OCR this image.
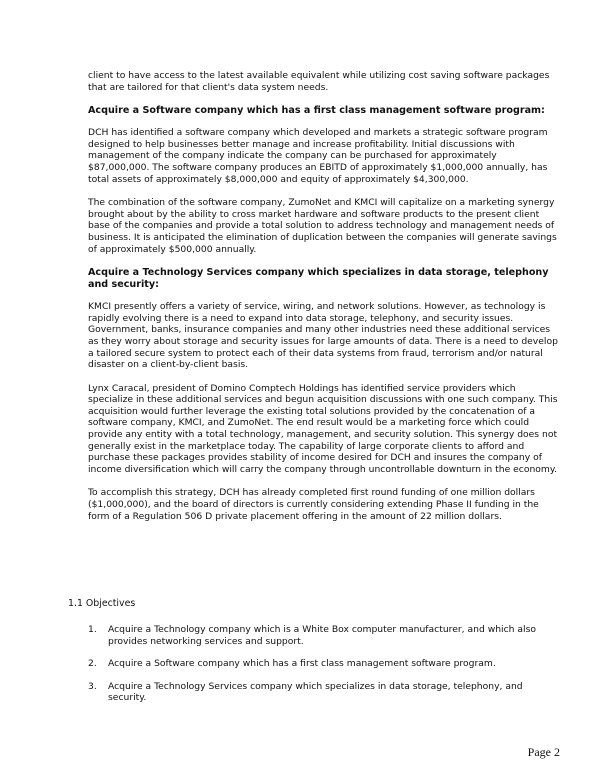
client to have access to the latest available equivalent while utilizing cost saving software packages that are tailored for that client's data system needs.

Acquire a Software company which has a first class management software program:

DCH has identified a software company which developed and markets a strategic software program designed to help businesses better manage and increase profitability. Initial discussions with management of the company indicate the company can be purchased for approximately $87,000,000. The software company produces an EBITD of approximately $1,000,000 annually, has total assets of approximately $8,000,000 and equity of approximately $4,300,000.

The combination of the software company, ZumoNet and KMCI will capitalize on a marketing synergy brought about by the ability to cross market hardware and software products to the present client base of the companies and provide a total solution to address technology and management needs of business. It is anticipated the elimination of duplication between the companies will generate savings of approximately $500,000 annually.

Acquire a Technology Services company which specializes in data storage, telephony and security:

KMCI presently offers a variety of service, wiring, and network solutions. However, as technology is rapidly evolving there is a need to expand into data storage, telephony, and security issues. Government, banks, insurance companies and many other industries need these additional services as they worry about storage and security issues for large amounts of data. There is a need to develop a tailored secure system to protect each of their data systems from fraud, terrorism and/or natural disaster on a client-by-client basis.

Lynx Caracal, president of Domino Comptech Holdings has identified service providers which specialize in these additional services and begun acquisition discussions with one such company. This acquisition would further leverage the existing total solutions provided by the concatenation of a software company, KMCI, and ZumoNet. The end result would be a marketing force which could provide any entity with a total technology, management, and security solution. This synergy does not generally exist in the marketplace today. The capability of large corporate clients to afford and purchase these packages provides stability of income desired for DCH and insures the company of income diversification which will carry the company through uncontrollable downturn in the economy.

To accomplish this strategy, DCH has already completed first round funding of one million dollars ($1,000,000), and the board of directors is currently considering extending Phase II funding in the form of a Regulation 506 D private placement offering in the amount of 22 million dollars.

1.1 Objectives
1. Acquire a Technology company which is a White Box computer manufacturer, and which also provides networking services and support.
2. Acquire a Software company which has a first class management software program.
3. Acquire a Technology Services company which specializes in data storage, telephony, and security.
Page 2
